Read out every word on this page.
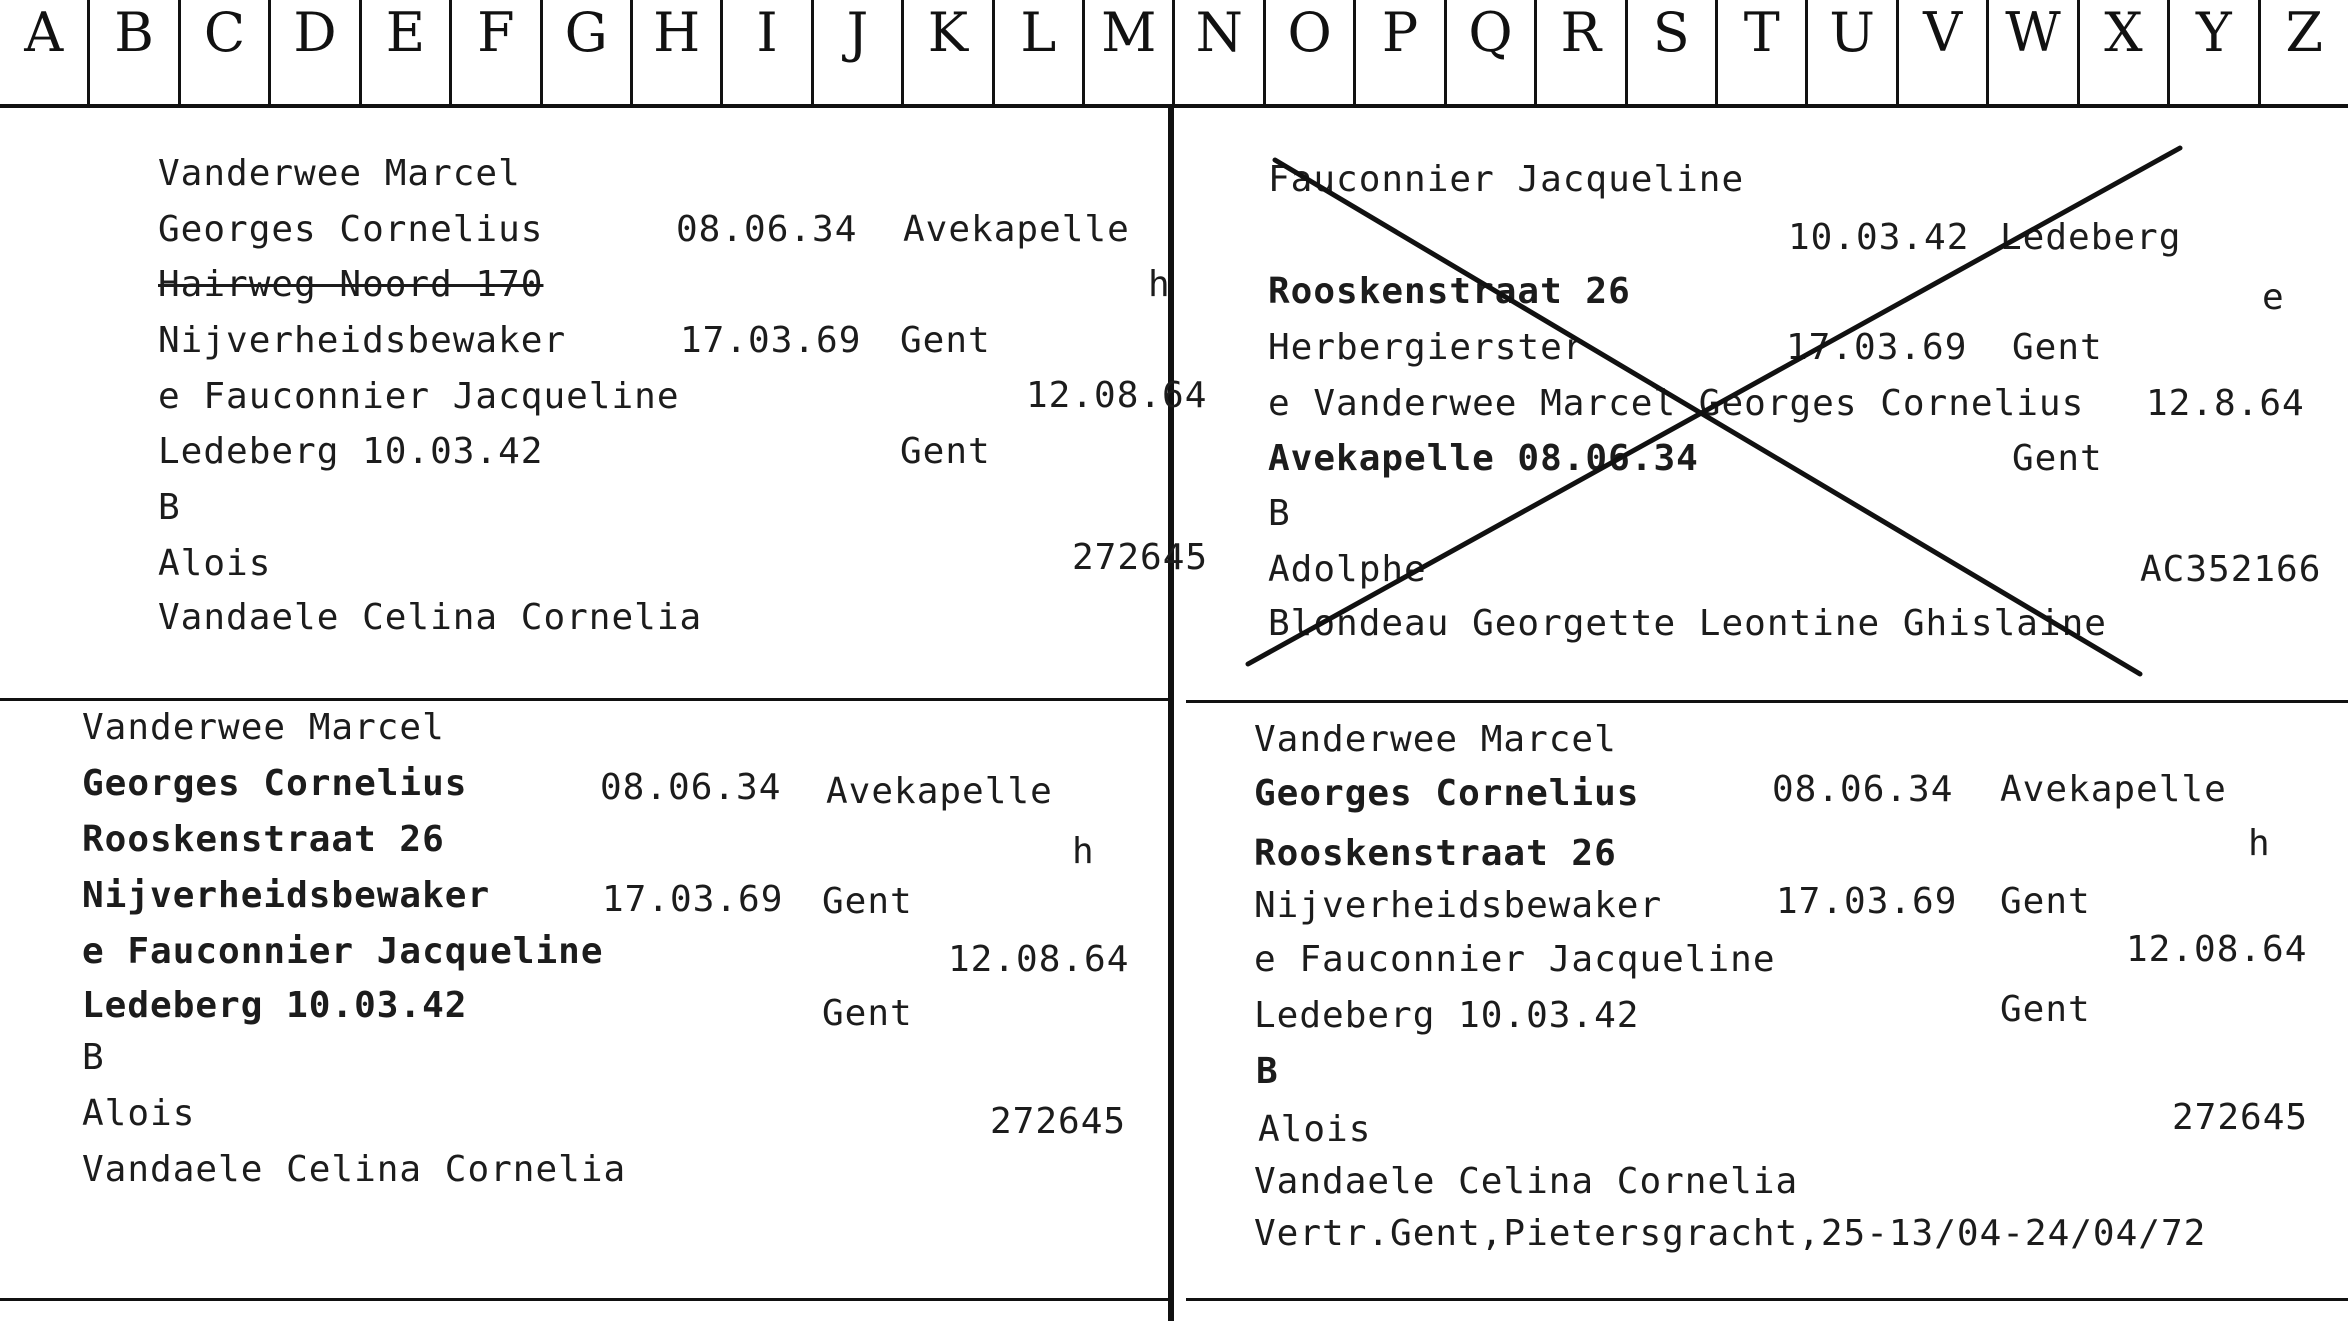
A B C D E F G H	I	J	K L M N O P Q R S T U V W X Y Z
Vanderwee Marcel
Georges Cornelius	08.06.34 Avekapelle
Hairweg Noord 170	h
Nijverheidsbewaker	17.03.69 Gent
e Fauconnier Jacqueline	12.08.64
Ledeberg 10.03.42	Gent
B
Alois	272645
Vandaele Celina Cornelia
Fauconnier Jacqueline
10.03.42 Ledeberg
Rooskenstraat 26	e
Herbergierster	17.03.69 Gent
e Vanderwee Marcel Georges Cornelius 12.8.64
Avekapelle 08.06.34	Gent
B
Adolphe	AC352166
Blondeau Georgette Leontine Ghislaine
Vanderwee Marcel
Georges Cornelius	08.06.34 Avekapelle
Rooskenstraat 26	h
Nijverheidsbewaker	17.03.69 Gent
e Fauconnier Jacqueline	12.08.64
Ledeberg 10.03.42	Gent
B
Alois	272645
Vandaele Celina Cornelia
Vanderwee Marcel
Georges Cornelius	08.06.34 Avekapelle
Rooskenstraat 26	h
Nijverheidsbewaker	17.03.69 Gent
e Fauconnier Jacqueline	12.08.64
Ledeberg 10.03.42	Gent
B
Alois	272645
Vandaele Celina Cornelia
Vertr.Gent,Pietersgracht,25-13/04-24/04/72
